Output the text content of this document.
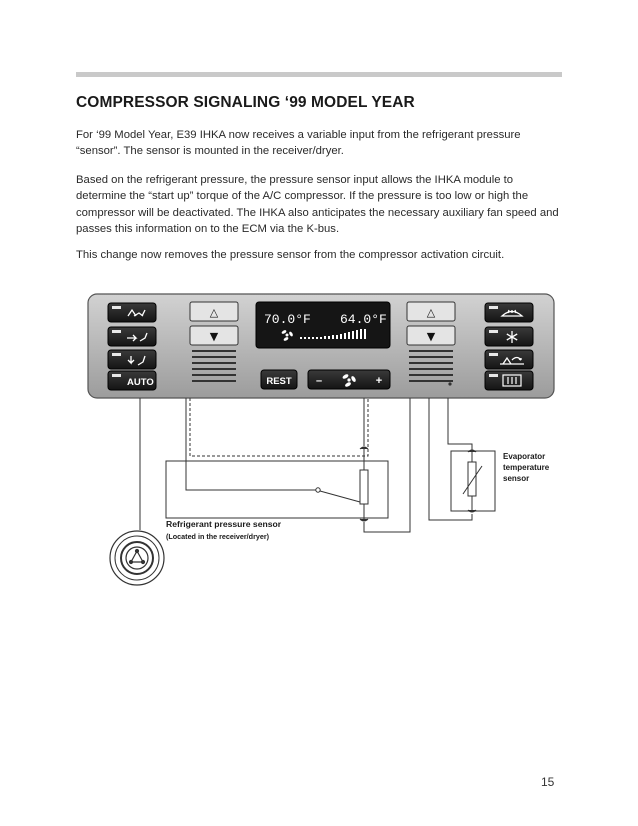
COMPRESSOR SIGNALING ‘99 MODEL YEAR

For ‘99 Model Year, E39 IHKA now receives a variable input from the refrigerant pressure “sensor”. The sensor is mounted in the receiver/dryer.

Based on the refrigerant pressure, the pressure sensor input allows the IHKA module to determine the “start up” torque of the A/C compressor. If the pressure is too low or high the compressor will be deactivated. The IHKA also anticipates the necessary auxiliary fan speed and passes this information on to the ECM via the K-bus.

This change now removes the pressure sensor from the compressor activation circuit.

AUTO
△
▼
70.0°F 64.0°F
REST –	+
△
▼
Refrigerant pressure sensor
(Located in the receiver/dryer)
Evaporator
temperature
sensor
15
